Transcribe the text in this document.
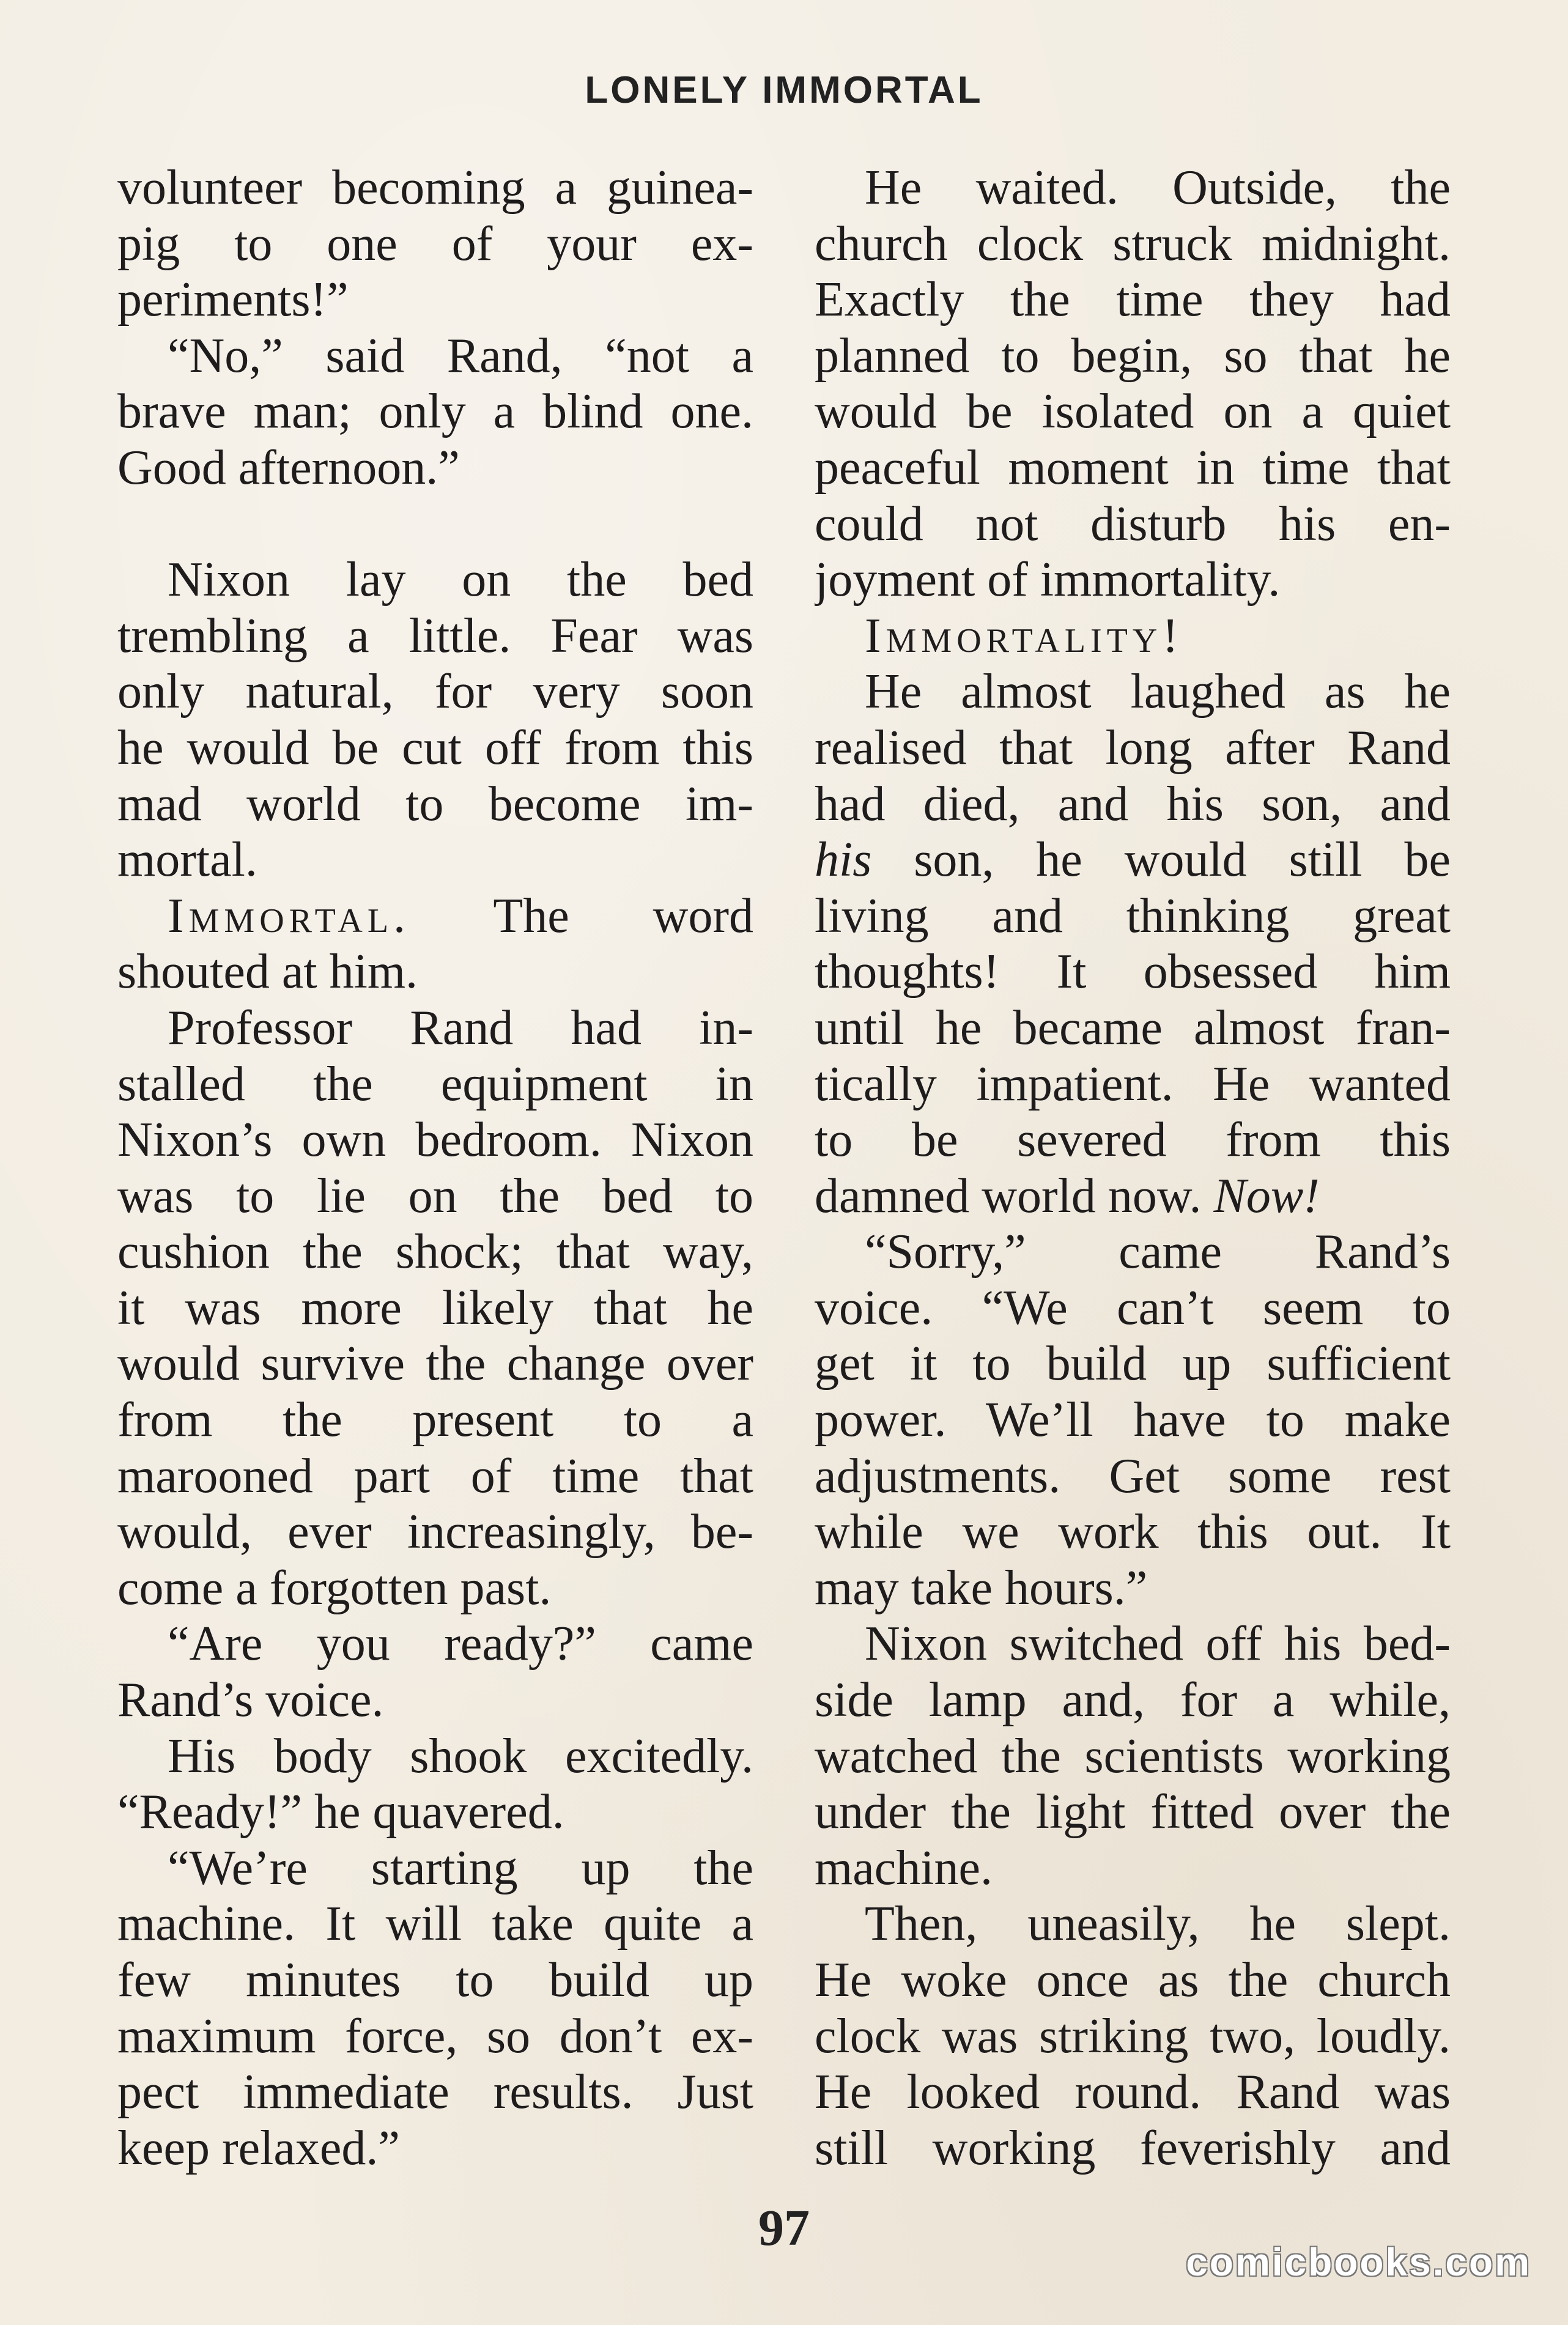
LONELY IMMORTAL
volunteer becoming a guinea-
pig to one of your ex-
periments!”
“No,” said Rand, “not a
brave man; only a blind one.
Good afternoon.”

Nixon lay on the bed
trembling a little. Fear was
only natural, for very soon
he would be cut off from this
mad world to become im-
mortal.
Immortal. The word
shouted at him.
Professor Rand had in-
stalled the equipment in
Nixon’s own bedroom. Nixon
was to lie on the bed to
cushion the shock; that way,
it was more likely that he
would survive the change over
from the present to a
marooned part of time that
would, ever increasingly, be-
come a forgotten past.
“Are you ready?” came
Rand’s voice.
His body shook excitedly.
“Ready!” he quavered.
“We’re starting up the
machine. It will take quite a
few minutes to build up
maximum force, so don’t ex-
pect immediate results. Just
keep relaxed.”
He waited. Outside, the
church clock struck midnight.
Exactly the time they had
planned to begin, so that he
would be isolated on a quiet
peaceful moment in time that
could not disturb his en-
joyment of immortality.
Immortality!
He almost laughed as he
realised that long after Rand
had died, and his son, and
his son, he would still be
living and thinking great
thoughts! It obsessed him
until he became almost fran-
tically impatient. He wanted
to be severed from this
damned world now. Now!
“Sorry,” came Rand’s
voice. “We can’t seem to
get it to build up sufficient
power. We’ll have to make
adjustments. Get some rest
while we work this out. It
may take hours.”
Nixon switched off his bed-
side lamp and, for a while,
watched the scientists working
under the light fitted over the
machine.
Then, uneasily, he slept.
He woke once as the church
clock was striking two, loudly.
He looked round. Rand was
still working feverishly and
97
comicbooks.com
